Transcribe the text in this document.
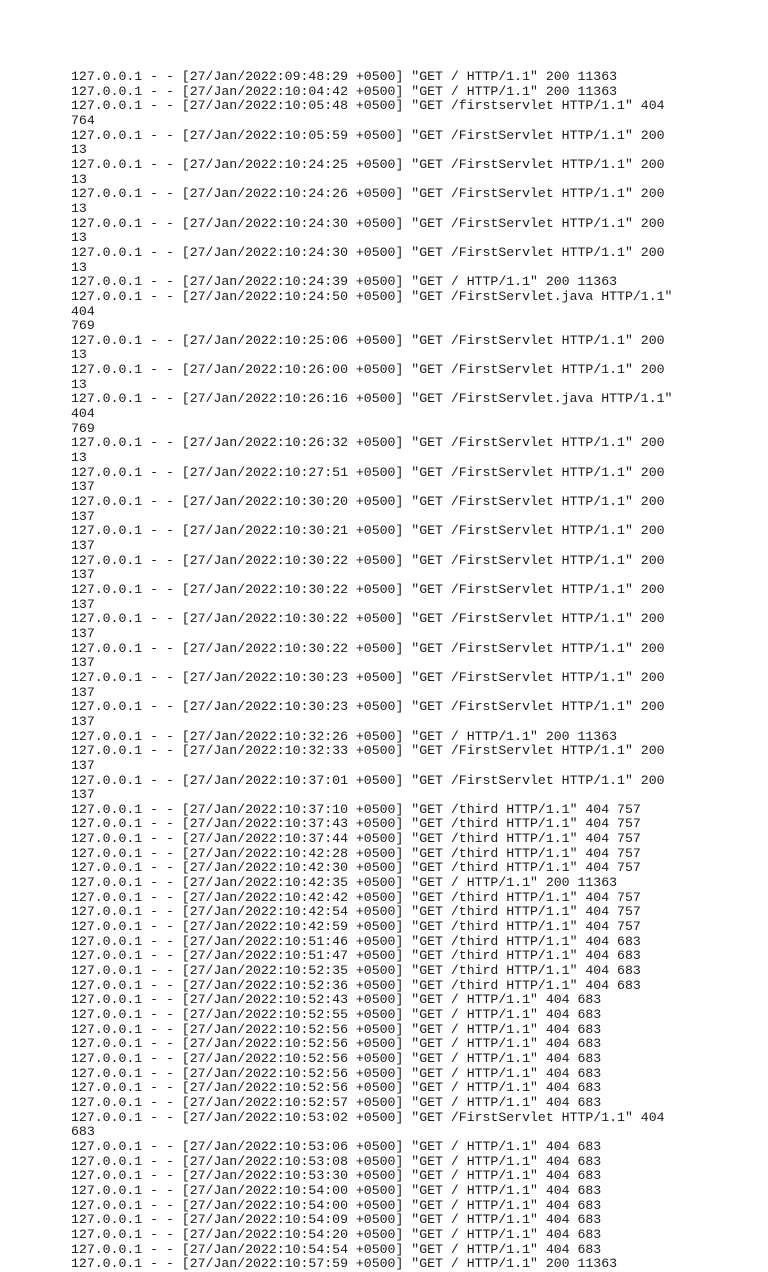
127.0.0.1 - - [27/Jan/2022:09:48:29 +0500] "GET / HTTP/1.1" 200 11363
127.0.0.1 - - [27/Jan/2022:10:04:42 +0500] "GET / HTTP/1.1" 200 11363
127.0.0.1 - - [27/Jan/2022:10:05:48 +0500] "GET /firstservlet HTTP/1.1" 404 764
127.0.0.1 - - [27/Jan/2022:10:05:59 +0500] "GET /FirstServlet HTTP/1.1" 200 13
127.0.0.1 - - [27/Jan/2022:10:24:25 +0500] "GET /FirstServlet HTTP/1.1" 200 13
127.0.0.1 - - [27/Jan/2022:10:24:26 +0500] "GET /FirstServlet HTTP/1.1" 200 13
127.0.0.1 - - [27/Jan/2022:10:24:30 +0500] "GET /FirstServlet HTTP/1.1" 200 13
127.0.0.1 - - [27/Jan/2022:10:24:30 +0500] "GET /FirstServlet HTTP/1.1" 200 13
127.0.0.1 - - [27/Jan/2022:10:24:39 +0500] "GET / HTTP/1.1" 200 11363
127.0.0.1 - - [27/Jan/2022:10:24:50 +0500] "GET /FirstServlet.java HTTP/1.1" 404
769
127.0.0.1 - - [27/Jan/2022:10:25:06 +0500] "GET /FirstServlet HTTP/1.1" 200 13
127.0.0.1 - - [27/Jan/2022:10:26:00 +0500] "GET /FirstServlet HTTP/1.1" 200 13
127.0.0.1 - - [27/Jan/2022:10:26:16 +0500] "GET /FirstServlet.java HTTP/1.1" 404
769
127.0.0.1 - - [27/Jan/2022:10:26:32 +0500] "GET /FirstServlet HTTP/1.1" 200 13
127.0.0.1 - - [27/Jan/2022:10:27:51 +0500] "GET /FirstServlet HTTP/1.1" 200 137
127.0.0.1 - - [27/Jan/2022:10:30:20 +0500] "GET /FirstServlet HTTP/1.1" 200 137
127.0.0.1 - - [27/Jan/2022:10:30:21 +0500] "GET /FirstServlet HTTP/1.1" 200 137
127.0.0.1 - - [27/Jan/2022:10:30:22 +0500] "GET /FirstServlet HTTP/1.1" 200 137
127.0.0.1 - - [27/Jan/2022:10:30:22 +0500] "GET /FirstServlet HTTP/1.1" 200 137
127.0.0.1 - - [27/Jan/2022:10:30:22 +0500] "GET /FirstServlet HTTP/1.1" 200 137
127.0.0.1 - - [27/Jan/2022:10:30:22 +0500] "GET /FirstServlet HTTP/1.1" 200 137
127.0.0.1 - - [27/Jan/2022:10:30:23 +0500] "GET /FirstServlet HTTP/1.1" 200 137
127.0.0.1 - - [27/Jan/2022:10:30:23 +0500] "GET /FirstServlet HTTP/1.1" 200 137
127.0.0.1 - - [27/Jan/2022:10:32:26 +0500] "GET / HTTP/1.1" 200 11363
127.0.0.1 - - [27/Jan/2022:10:32:33 +0500] "GET /FirstServlet HTTP/1.1" 200 137
127.0.0.1 - - [27/Jan/2022:10:37:01 +0500] "GET /FirstServlet HTTP/1.1" 200 137
127.0.0.1 - - [27/Jan/2022:10:37:10 +0500] "GET /third HTTP/1.1" 404 757
127.0.0.1 - - [27/Jan/2022:10:37:43 +0500] "GET /third HTTP/1.1" 404 757
127.0.0.1 - - [27/Jan/2022:10:37:44 +0500] "GET /third HTTP/1.1" 404 757
127.0.0.1 - - [27/Jan/2022:10:42:28 +0500] "GET /third HTTP/1.1" 404 757
127.0.0.1 - - [27/Jan/2022:10:42:30 +0500] "GET /third HTTP/1.1" 404 757
127.0.0.1 - - [27/Jan/2022:10:42:35 +0500] "GET / HTTP/1.1" 200 11363
127.0.0.1 - - [27/Jan/2022:10:42:42 +0500] "GET /third HTTP/1.1" 404 757
127.0.0.1 - - [27/Jan/2022:10:42:54 +0500] "GET /third HTTP/1.1" 404 757
127.0.0.1 - - [27/Jan/2022:10:42:59 +0500] "GET /third HTTP/1.1" 404 757
127.0.0.1 - - [27/Jan/2022:10:51:46 +0500] "GET /third HTTP/1.1" 404 683
127.0.0.1 - - [27/Jan/2022:10:51:47 +0500] "GET /third HTTP/1.1" 404 683
127.0.0.1 - - [27/Jan/2022:10:52:35 +0500] "GET /third HTTP/1.1" 404 683
127.0.0.1 - - [27/Jan/2022:10:52:36 +0500] "GET /third HTTP/1.1" 404 683
127.0.0.1 - - [27/Jan/2022:10:52:43 +0500] "GET / HTTP/1.1" 404 683
127.0.0.1 - - [27/Jan/2022:10:52:55 +0500] "GET / HTTP/1.1" 404 683
127.0.0.1 - - [27/Jan/2022:10:52:56 +0500] "GET / HTTP/1.1" 404 683
127.0.0.1 - - [27/Jan/2022:10:52:56 +0500] "GET / HTTP/1.1" 404 683
127.0.0.1 - - [27/Jan/2022:10:52:56 +0500] "GET / HTTP/1.1" 404 683
127.0.0.1 - - [27/Jan/2022:10:52:56 +0500] "GET / HTTP/1.1" 404 683
127.0.0.1 - - [27/Jan/2022:10:52:56 +0500] "GET / HTTP/1.1" 404 683
127.0.0.1 - - [27/Jan/2022:10:52:57 +0500] "GET / HTTP/1.1" 404 683
127.0.0.1 - - [27/Jan/2022:10:53:02 +0500] "GET /FirstServlet HTTP/1.1" 404 683
127.0.0.1 - - [27/Jan/2022:10:53:06 +0500] "GET / HTTP/1.1" 404 683
127.0.0.1 - - [27/Jan/2022:10:53:08 +0500] "GET / HTTP/1.1" 404 683
127.0.0.1 - - [27/Jan/2022:10:53:30 +0500] "GET / HTTP/1.1" 404 683
127.0.0.1 - - [27/Jan/2022:10:54:00 +0500] "GET / HTTP/1.1" 404 683
127.0.0.1 - - [27/Jan/2022:10:54:00 +0500] "GET / HTTP/1.1" 404 683
127.0.0.1 - - [27/Jan/2022:10:54:09 +0500] "GET / HTTP/1.1" 404 683
127.0.0.1 - - [27/Jan/2022:10:54:20 +0500] "GET / HTTP/1.1" 404 683
127.0.0.1 - - [27/Jan/2022:10:54:54 +0500] "GET / HTTP/1.1" 404 683
127.0.0.1 - - [27/Jan/2022:10:57:59 +0500] "GET / HTTP/1.1" 200 11363
